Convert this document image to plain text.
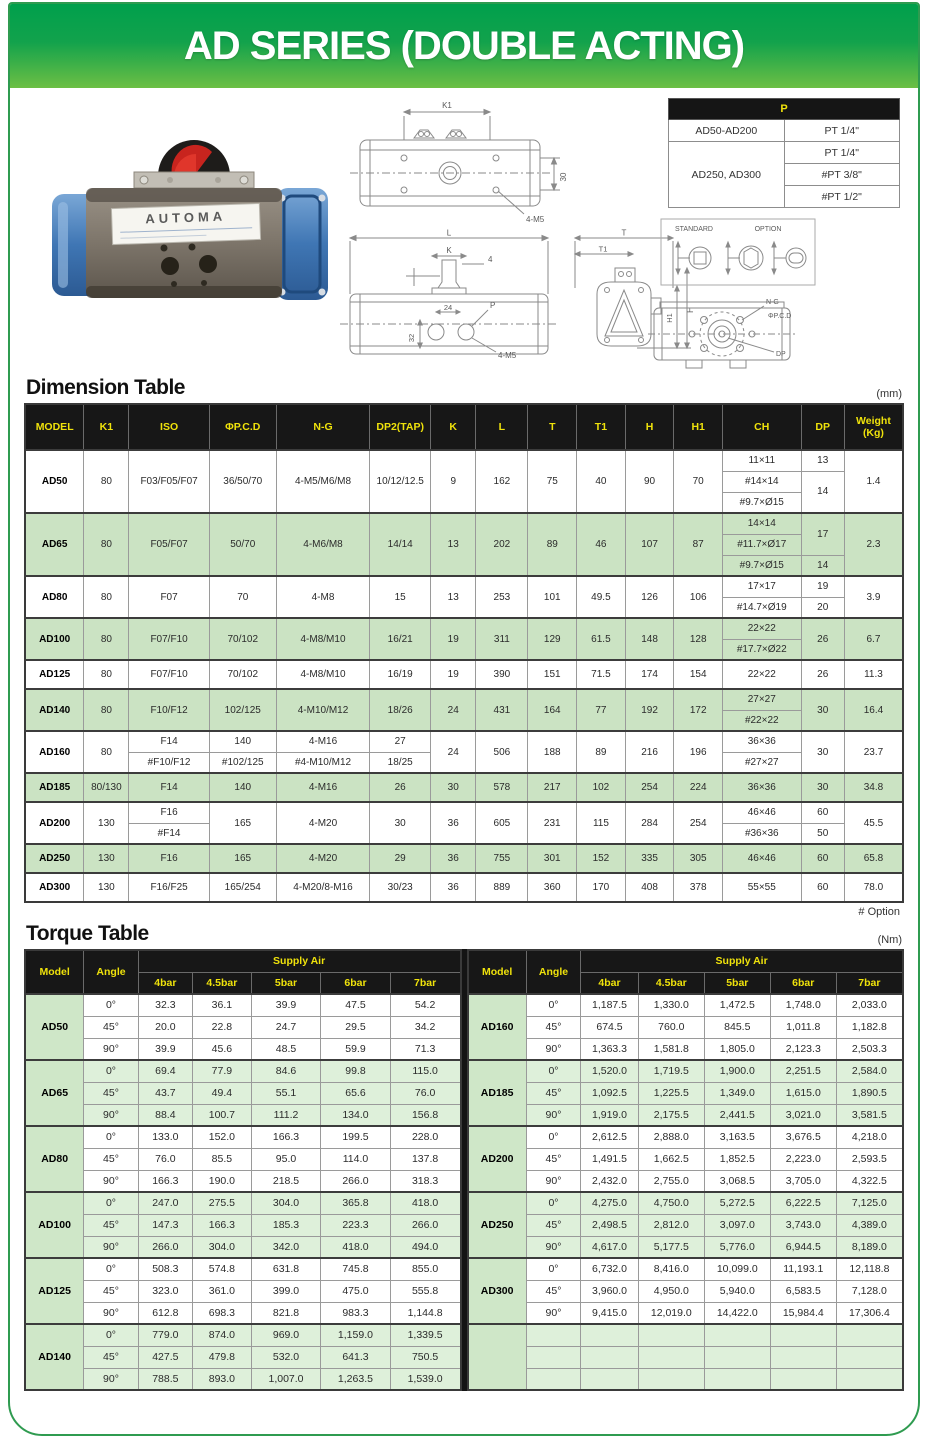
AD SERIES (DOUBLE ACTING)
AUTOMA
K1
30
4-M5
L
K
4
24	P
32
4-M5
T
T1
H
H1
P	
AD50-AD200	PT 1/4"
AD250, AD300	PT 1/4"
	#PT 3/8"
	#PT 1/2"
STANDARD	OPTION
N-G
ΦP.C.D
DP
Dimension Table	(mm)
MODEL	K1	ISO	ΦP.C.D	N-G	DP2(TAP)	K	L	T	T1	H	H1	CH	DP	Weight (Kg)
AD50	80	F03/F05/F07	36/50/70	4-M5/M6/M8	10/12/12.5	9	162	75	40	90	70	11×11	13	1.4
												#14×14	14	
												#9.7×Ø15		
AD65	80	F05/F07	50/70	4-M6/M8	14/14	13	202	89	46	107	87	14×14	17	2.3
												#11.7×Ø17		
												#9.7×Ø15	14	
AD80	80	F07	70	4-M8	15	13	253	101	49.5	126	106	17×17	19	3.9
												#14.7×Ø19	20	
AD100	80	F07/F10	70/102	4-M8/M10	16/21	19	311	129	61.5	148	128	22×22	26	6.7
												#17.7×Ø22		
AD125	80	F07/F10	70/102	4-M8/M10	16/19	19	390	151	71.5	174	154	22×22	26	11.3
AD140	80	F10/F12	102/125	4-M10/M12	18/26	24	431	164	77	192	172	27×27	30	16.4
												#22×22		
AD160	80	F14	140	4-M16	27	24	506	188	89	216	196	36×36	30	23.7
		#F10/F12	#102/125	#4-M10/M12	18/25							#27×27		
AD185	80/130	F14	140	4-M16	26	30	578	217	102	254	224	36×36	30	34.8
AD200	130	F16	165	4-M20	30	36	605	231	115	284	254	46×46	60	45.5
		#F14										#36×36	50	
AD250	130	F16	165	4-M20	29	36	755	301	152	335	305	46×46	60	65.8
AD300	130	F16/F25	165/254	4-M20/8-M16	30/23	36	889	360	170	408	378	55×55	60	78.0
# Option
Torque Table	(Nm)
Model	Angle	Supply Air				
		4bar	4.5bar	5bar	6bar	7bar
AD50	0°	32.3	36.1	39.9	47.5	54.2
	45°	20.0	22.8	24.7	29.5	34.2
	90°	39.9	45.6	48.5	59.9	71.3
AD65	0°	69.4	77.9	84.6	99.8	115.0
	45°	43.7	49.4	55.1	65.6	76.0
	90°	88.4	100.7	111.2	134.0	156.8
AD80	0°	133.0	152.0	166.3	199.5	228.0
	45°	76.0	85.5	95.0	114.0	137.8
	90°	166.3	190.0	218.5	266.0	318.3
AD100	0°	247.0	275.5	304.0	365.8	418.0
	45°	147.3	166.3	185.3	223.3	266.0
	90°	266.0	304.0	342.0	418.0	494.0
AD125	0°	508.3	574.8	631.8	745.8	855.0
	45°	323.0	361.0	399.0	475.0	555.8
	90°	612.8	698.3	821.8	983.3	1,144.8
AD140	0°	779.0	874.0	969.0	1,159.0	1,339.5
	45°	427.5	479.8	532.0	641.3	750.5
	90°	788.5	893.0	1,007.0	1,263.5	1,539.0
Model	Angle	Supply Air				
		4bar	4.5bar	5bar	6bar	7bar
AD160	0°	1,187.5	1,330.0	1,472.5	1,748.0	2,033.0
	45°	674.5	760.0	845.5	1,011.8	1,182.8
	90°	1,363.3	1,581.8	1,805.0	2,123.3	2,503.3
AD185	0°	1,520.0	1,719.5	1,900.0	2,251.5	2,584.0
	45°	1,092.5	1,225.5	1,349.0	1,615.0	1,890.5
	90°	1,919.0	2,175.5	2,441.5	3,021.0	3,581.5
AD200	0°	2,612.5	2,888.0	3,163.5	3,676.5	4,218.0
	45°	1,491.5	1,662.5	1,852.5	2,223.0	2,593.5
	90°	2,432.0	2,755.0	3,068.5	3,705.0	4,322.5
AD250	0°	4,275.0	4,750.0	5,272.5	6,222.5	7,125.0
	45°	2,498.5	2,812.0	3,097.0	3,743.0	4,389.0
	90°	4,617.0	5,177.5	5,776.0	6,944.5	8,189.0
AD300	0°	6,732.0	8,416.0	10,099.0	11,193.1	12,118.8
	45°	3,960.0	4,950.0	5,940.0	6,583.5	7,128.0
	90°	9,415.0	12,019.0	14,422.0	15,984.4	17,306.4
